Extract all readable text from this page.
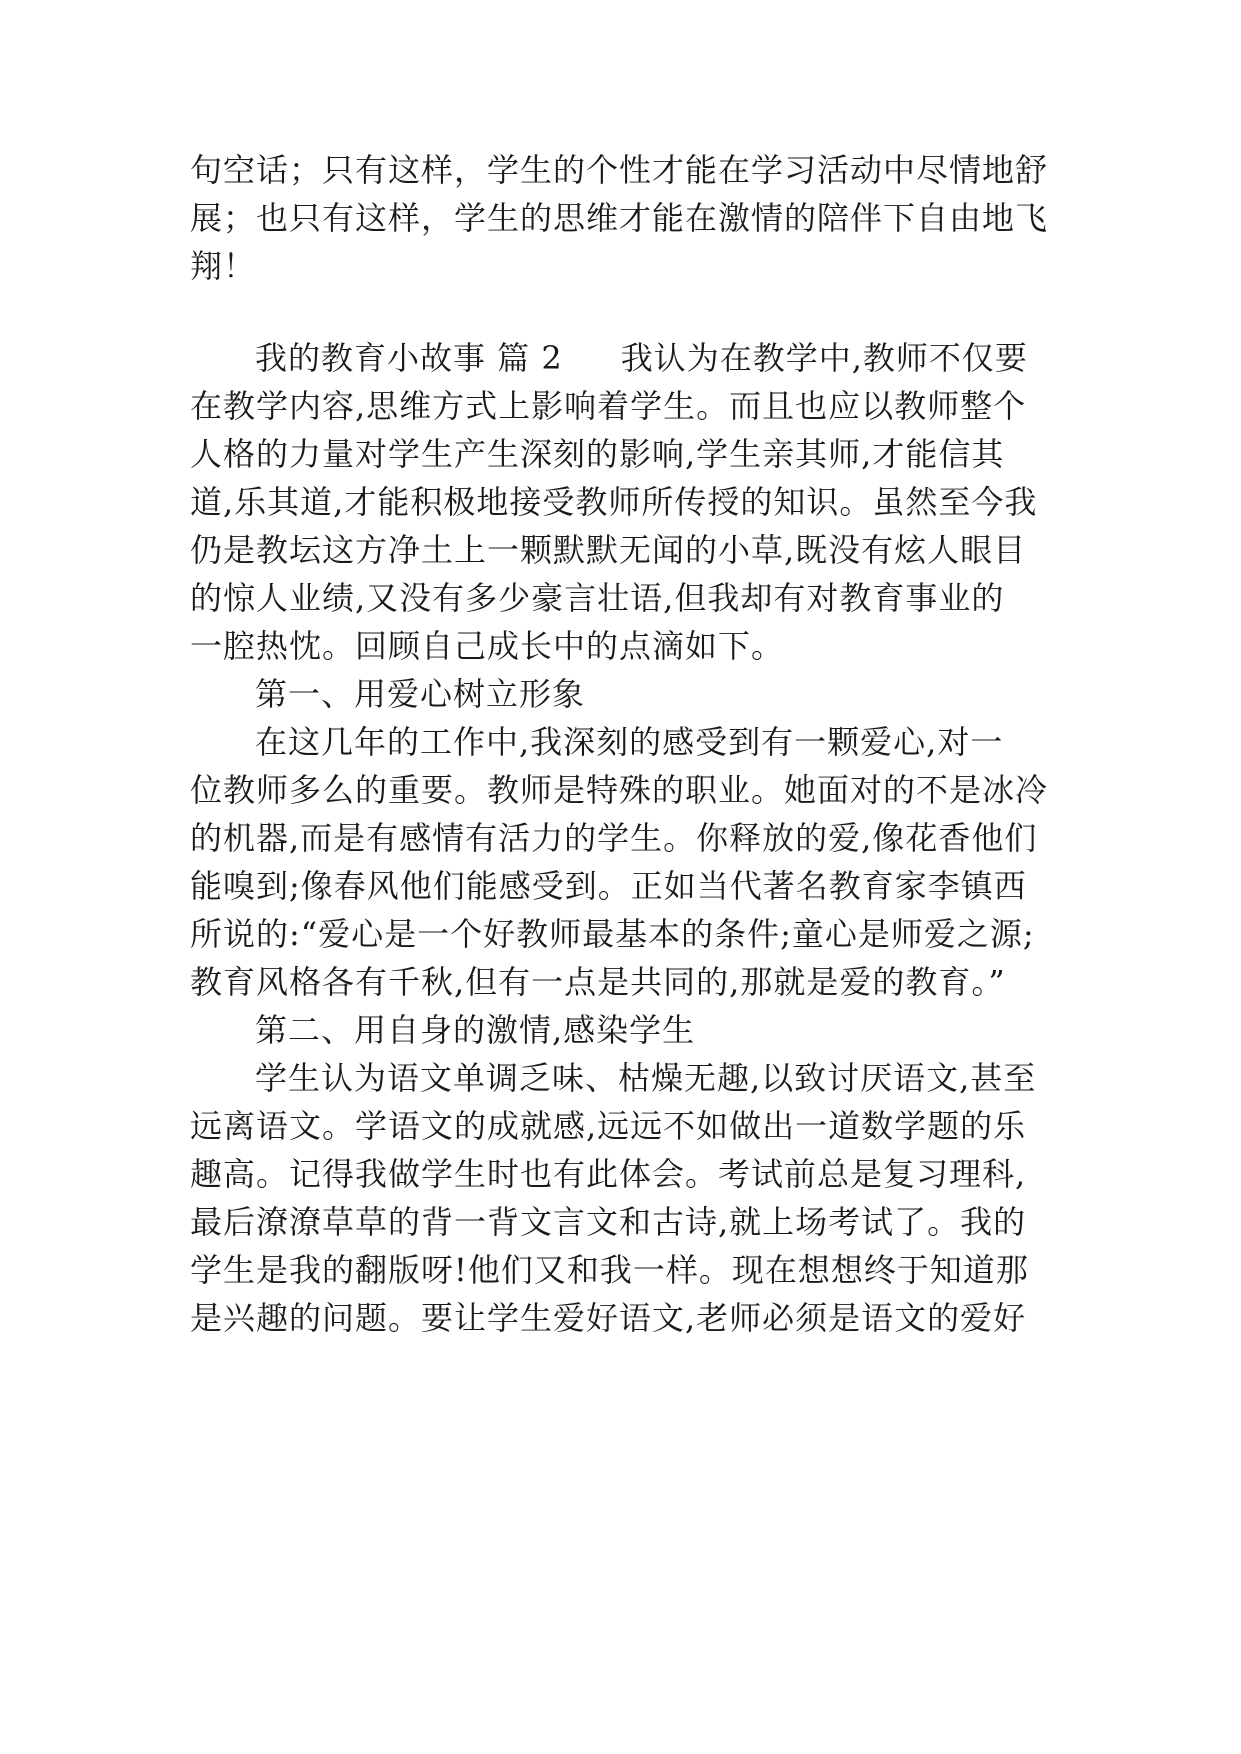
句空话；只有这样，学生的个性才能在学习活动中尽情地舒

展；也只有这样，学生的思维才能在激情的陪伴下自由地飞

翔！

我的教育小故事 篇 2 我认为在教学中,教师不仅要

在教学内容,思维方式上影响着学生。而且也应以教师整个

人格的力量对学生产生深刻的影响,学生亲其师,才能信其

道,乐其道,才能积极地接受教师所传授的知识。虽然至今我

仍是教坛这方净土上一颗默默无闻的小草,既没有炫人眼目

的惊人业绩,又没有多少豪言壮语,但我却有对教育事业的

一腔热忱。回顾自己成长中的点滴如下。

第一、用爱心树立形象

在这几年的工作中,我深刻的感受到有一颗爱心,对一

位教师多么的重要。教师是特殊的职业。她面对的不是冰冷

的机器,而是有感情有活力的学生。你释放的爱,像花香他们

能嗅到;像春风他们能感受到。正如当代著名教育家李镇西

所说的:“爱心是一个好教师最基本的条件;童心是师爱之源;

教育风格各有千秋,但有一点是共同的,那就是爱的教育。”

第二、用自身的激情,感染学生

学生认为语文单调乏味、枯燥无趣,以致讨厌语文,甚至

远离语文。学语文的成就感,远远不如做出一道数学题的乐

趣高。记得我做学生时也有此体会。考试前总是复习理科,

最后潦潦草草的背一背文言文和古诗,就上场考试了。我的

学生是我的翻版呀!他们又和我一样。现在想想终于知道那

是兴趣的问题。要让学生爱好语文,老师必须是语文的爱好
